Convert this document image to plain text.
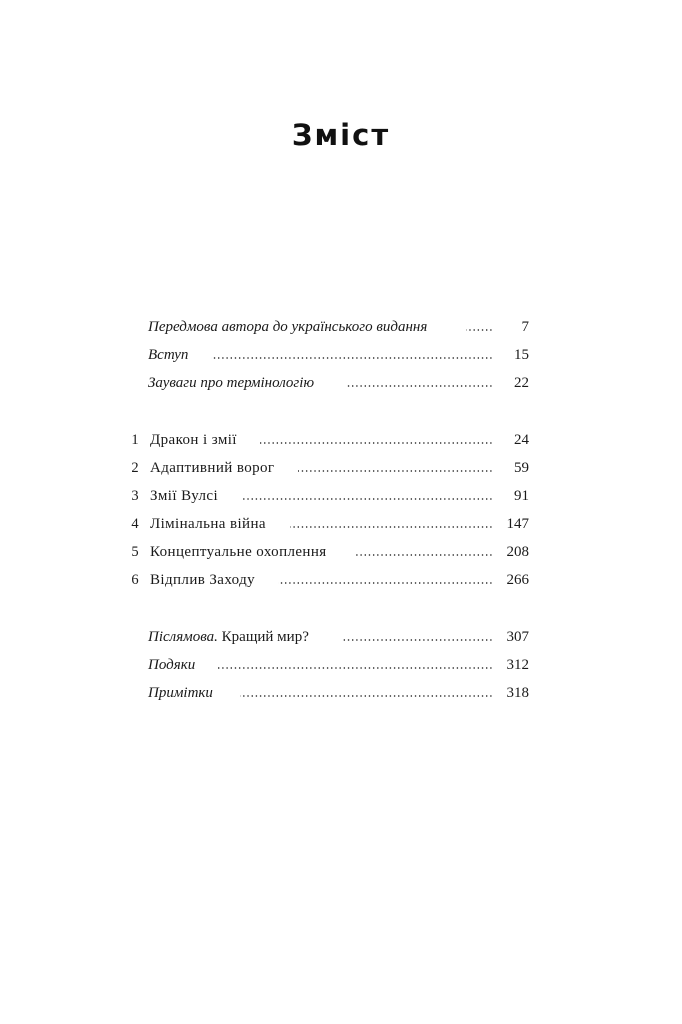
Зміст
Передмова автора до українського видання	7
Вступ	15
Зауваги про термінологію	22
1 Дракон і змії	24
2 Адаптивний ворог	59
3 Змії Вулсі	91
4 Лімінальна війна	147
5 Концептуальне охоплення	208
6 Відплив Заходу	266
Післямова. Кращий мир?	307
Подяки	312
Примітки	318
